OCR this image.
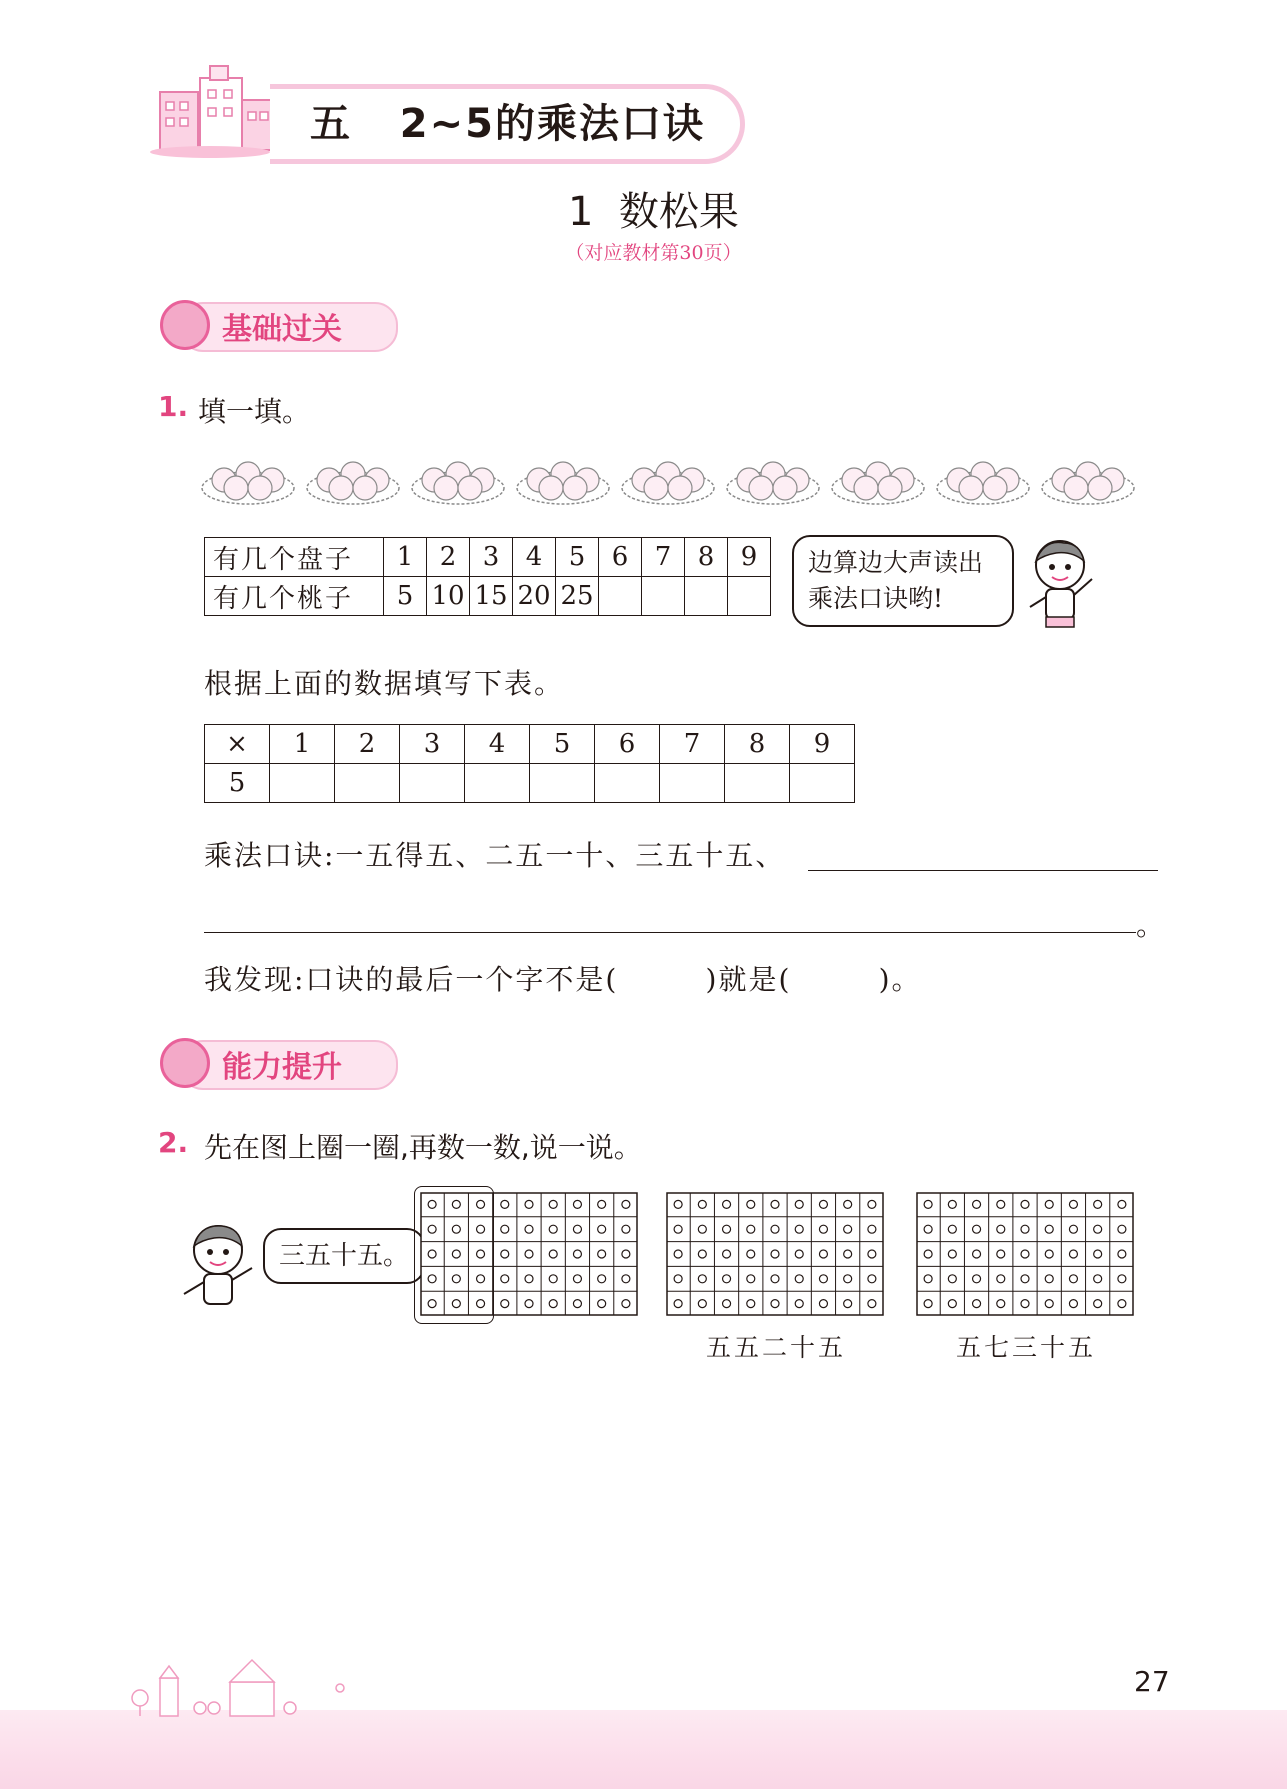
五   2~5的乘法口诀
1  数松果
（对应教材第30页）
基础过关
1. 填一填。
有几个盘子	1	2	3	4	5	6	7	8	9
有几个桃子	5	10	15	20	25				
边算边大声读出乘法口诀哟!
根据上面的数据填写下表。
×	1	2	3	4	5	6	7	8	9
5									
乘法口诀:一五得五、二五一十、三五十五、
。
我发现:口诀的最后一个字不是(        )就是(        )。
能力提升
2. 先在图上圈一圈,再数一数,说一说。
三五十五。
五五二十五	五七三十五
27
